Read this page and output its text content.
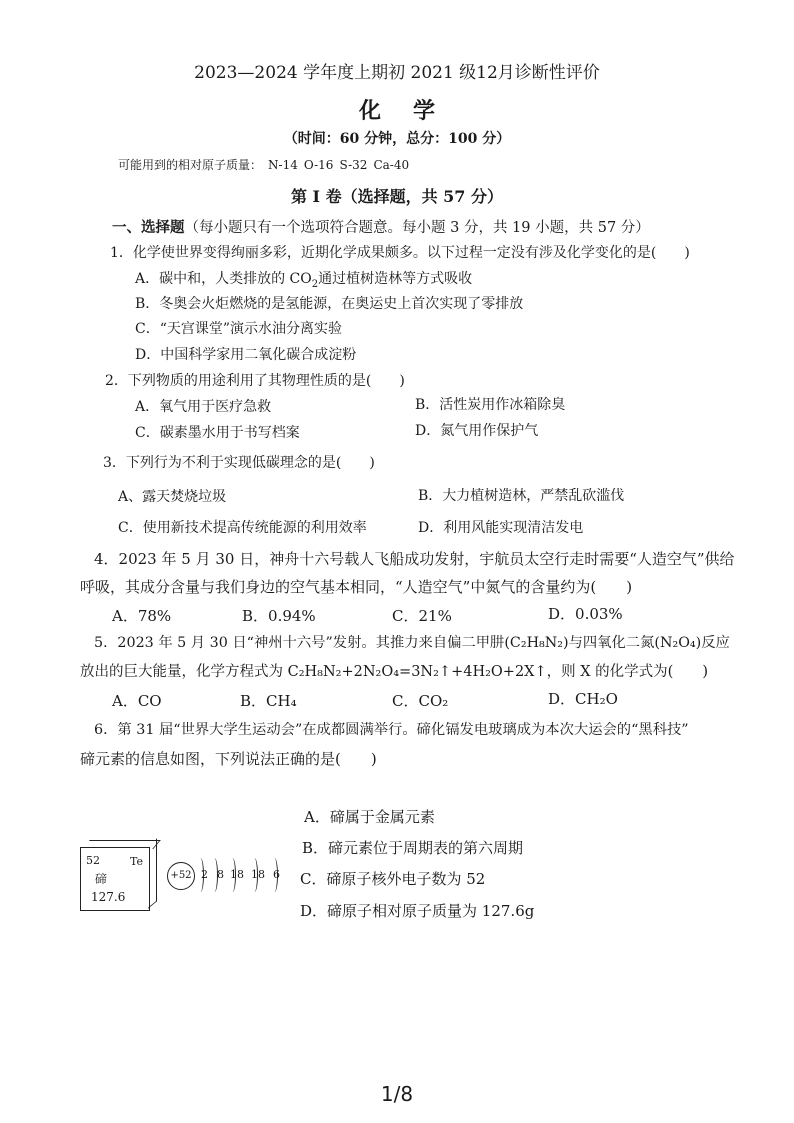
2023—2024 学年度上期初 2021 级12月诊断性评价
化学
（时间：60 分钟，总分：100 分）
可能用到的相对原子质量： N-14 O-16 S-32 Ca-40
第 Ⅰ 卷（选择题，共 57 分）
一、选择题（每小题只有一个选项符合题意。每小题 3 分，共 19 小题，共 57 分）
1．化学使世界变得绚丽多彩，近期化学成果颇多。以下过程一定没有涉及化学变化的是(　　)
A．碳中和，人类排放的 $CO_2$通过植树造林等方式吸收
B．冬奥会火炬燃烧的是氢能源，在奥运史上首次实现了零排放
C．“天宫课堂”演示水油分离实验
D．中国科学家用二氧化碳合成淀粉
2．下列物质的用途利用了其物理性质的是(　　)
A．氧气用于医疗急救	B．活性炭用作冰箱除臭
C．碳素墨水用于书写档案	D．氮气用作保护气
3．下列行为不利于实现低碳理念的是(　　)
A、露天焚烧垃圾	B．大力植树造林，严禁乱砍滥伐
C．使用新技术提高传统能源的利用效率	D．利用风能实现清洁发电
4．2023 年 5 月 30 日，神舟十六号载人飞船成功发射，宇航员太空行走时需要“人造空气”供给
呼吸，其成分含量与我们身边的空气基本相同，“人造空气”中氮气的含量约为(　　)
A．78%	B．0.94%	C．21%	D．0.03%
5．2023 年 5 月 30 日“神州十六号”发射。其推力来自偏二甲肼(C₂H₈N₂)与四氧化二氮(N₂O₄)反应
放出的巨大能量，化学方程式为 C₂H₈N₂+2N₂O₄=3N₂↑+4H₂O+2X↑，则 X 的化学式为(　　)
A．CO	B．CH₄	C．CO₂	D．CH₂O
6．第 31 届“世界大学生运动会”在成都圆满举行。碲化镉发电玻璃成为本次大运会的“黑科技”
碲元素的信息如图，下列说法正确的是(　　)
A．碲属于金属元素
B．碲元素位于周期表的第六周期
C．碲原子核外电子数为 52
D．碲原子相对原子质量为 127.6g
52	Te
碲
127.6
+52 2 8 18 18 6
1/8
